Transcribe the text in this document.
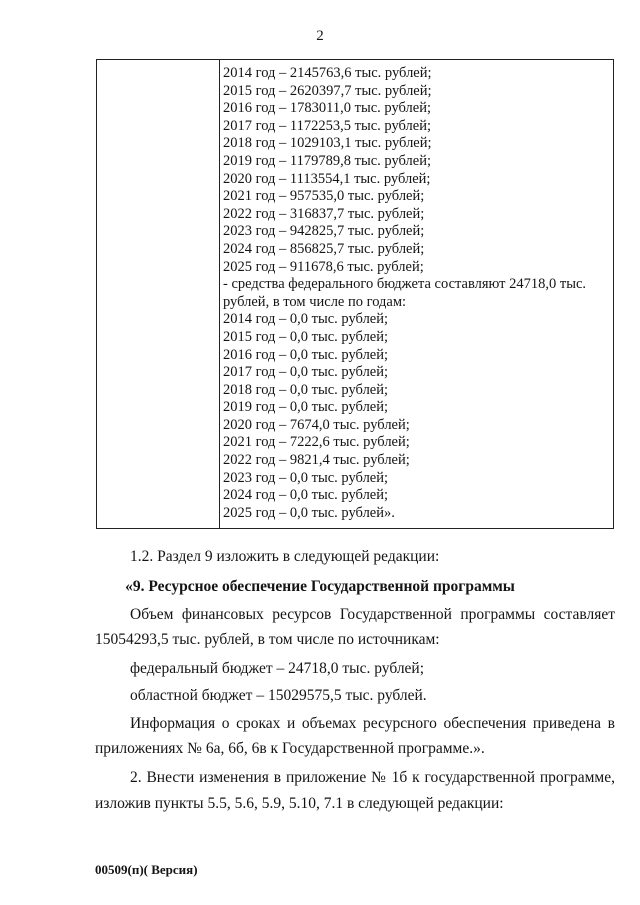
2
2014 год – 2145763,6 тыс. рублей;
2015 год – 2620397,7 тыс. рублей;
2016 год – 1783011,0 тыс. рублей;
2017 год – 1172253,5 тыс. рублей;
2018 год – 1029103,1 тыс. рублей;
2019 год – 1179789,8 тыс. рублей;
2020 год – 1113554,1 тыс. рублей;
2021 год – 957535,0 тыс. рублей;
2022 год – 316837,7 тыс. рублей;
2023 год – 942825,7 тыс. рублей;
2024 год – 856825,7 тыс. рублей;
2025 год – 911678,6 тыс. рублей;
- средства федерального бюджета составляют 24718,0 тыс.
рублей, в том числе по годам:
2014 год – 0,0 тыс. рублей;
2015 год – 0,0 тыс. рублей;
2016 год – 0,0 тыс. рублей;
2017 год – 0,0 тыс. рублей;
2018 год – 0,0 тыс. рублей;
2019 год – 0,0 тыс. рублей;
2020 год – 7674,0 тыс. рублей;
2021 год – 7222,6 тыс. рублей;
2022 год – 9821,4 тыс. рублей;
2023 год – 0,0 тыс. рублей;
2024 год – 0,0 тыс. рублей;
2025 год – 0,0 тыс. рублей».
1.2. Раздел 9 изложить в следующей редакции:
«9. Ресурсное обеспечение Государственной программы
Объем финансовых ресурсов Государственной программы составляет
15054293,5 тыс. рублей, в том числе по источникам:
федеральный бюджет – 24718,0 тыс. рублей;
областной бюджет – 15029575,5 тыс. рублей.
Информация о сроках и объемах ресурсного обеспечения приведена в
приложениях № 6а, 6б, 6в к Государственной программе.».
2. Внести изменения в приложение № 1б к государственной программе,
изложив пункты 5.5, 5.6, 5.9, 5.10, 7.1 в следующей редакции:
00509(п)( Версия)
